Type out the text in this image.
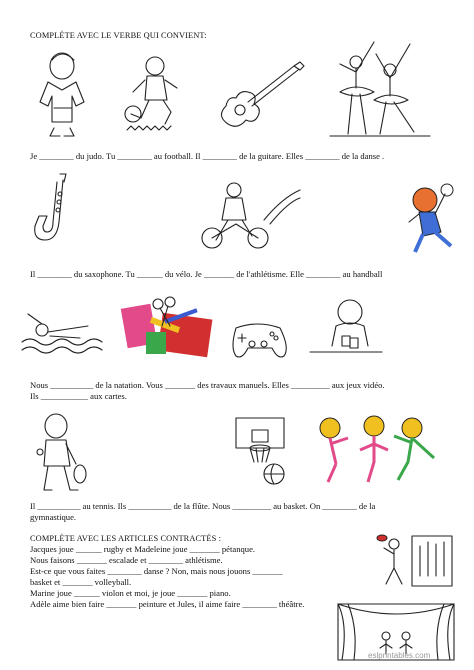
COMPLÈTE AVEC LE VERBE QUI CONVIENT:
Je ________ du judo. Tu ________ au football. Il ________ de la guitare. Elles ________ de la danse .
Il ________ du saxophone. Tu ______ du vélo. Je _______ de l'athlétisme. Elle ________ au handball
Nous __________ de la natation. Vous _______ des travaux manuels. Elles _________ aux jeux vidéo.
Ils ___________ aux cartes.
Il __________ au tennis. Ils __________ de la flûte. Nous _________ au basket. On ________ de la
gymnastique.
COMPLÈTE AVEC LES ARTICLES CONTRACTÉS :
Jacques joue ______ rugby et Madeleine joue _______ pétanque.
Nous faisons _______ escalade et ________ athlétisme.
Est-ce que vous faites ________ danse ? Non, mais nous jouons _______
basket et _______ volleyball.
Marine joue ______ violon et moi, je joue _______ piano.
Adèle aime bien faire _______ peinture et Jules, il aime faire ________ théâtre.
eslprintables.com
